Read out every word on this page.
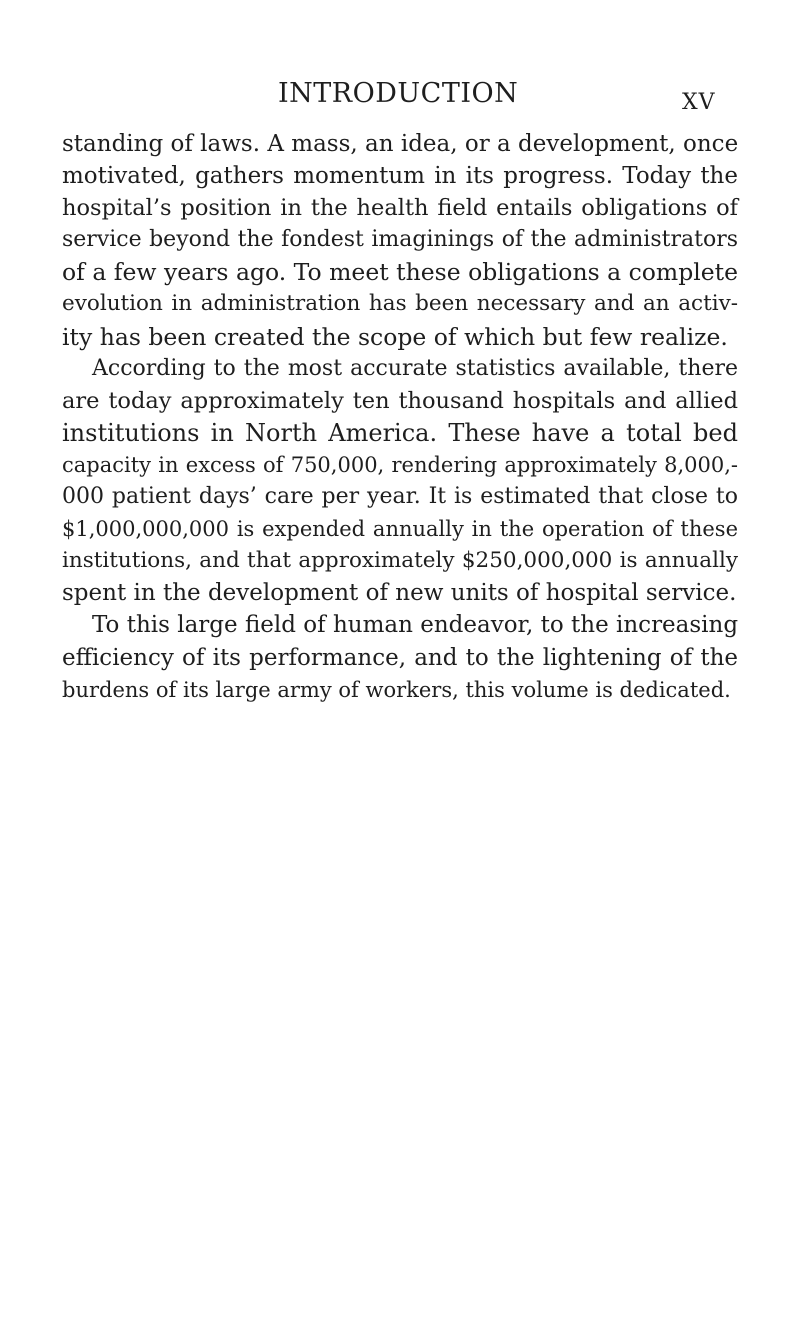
INTRODUCTION	XV
standing of laws. A mass, an idea, or a development, once
motivated, gathers momentum in its progress. Today the
hospital’s position in the health field entails obligations of
service beyond the fondest imaginings of the administrators
of a few years ago. To meet these obligations a complete
evolution in administration has been necessary and an activ-
ity has been created the scope of which but few realize.
According to the most accurate statistics available, there
are today approximately ten thousand hospitals and allied
institutions in North America. These have a total bed
capacity in excess of 750,000, rendering approximately 8,000,-
000 patient days’ care per year. It is estimated that close to
$1,000,000,000 is expended annually in the operation of these
institutions, and that approximately $250,000,000 is annually
spent in the development of new units of hospital service.
To this large field of human endeavor, to the increasing
efficiency of its performance, and to the lightening of the
burdens of its large army of workers, this volume is dedicated.
